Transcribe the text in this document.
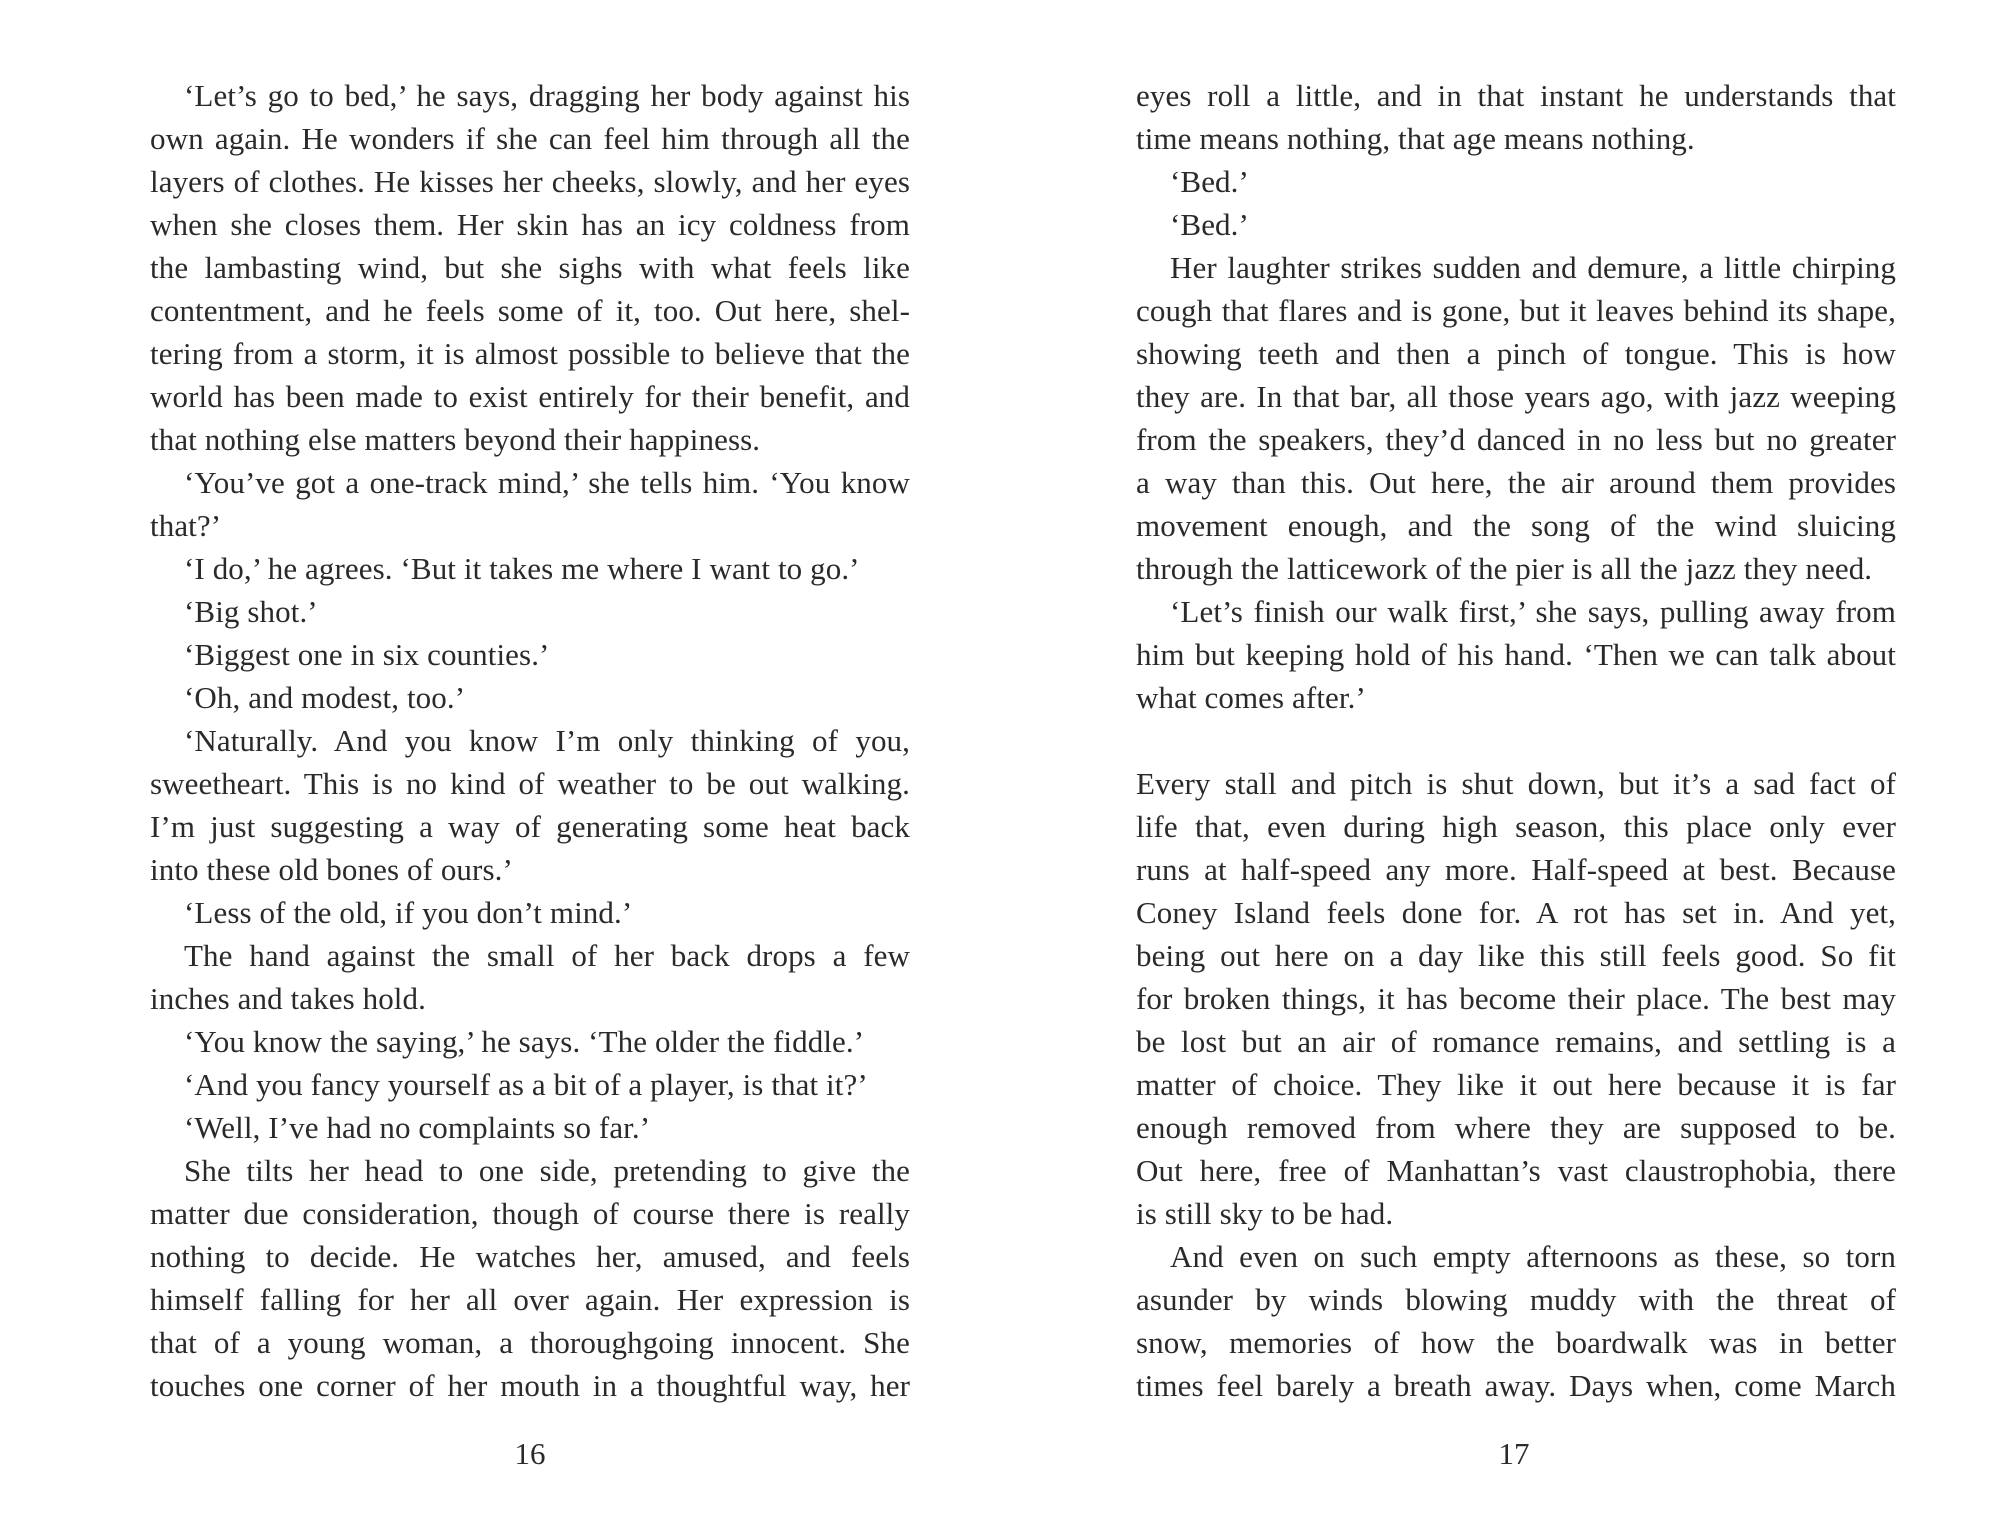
‘Let’s go to bed,’ he says, dragging her body against his
own again. He wonders if she can feel him through all the
layers of clothes. He kisses her cheeks, slowly, and her eyes
when she closes them. Her skin has an icy coldness from
the lambasting wind, but she sighs with what feels like
contentment, and he feels some of it, too. Out here, shel-
tering from a storm, it is almost possible to believe that the
world has been made to exist entirely for their benefit, and
that nothing else matters beyond their happiness.
‘You’ve got a one-track mind,’ she tells him. ‘You know
that?’
‘I do,’ he agrees. ‘But it takes me where I want to go.’
‘Big shot.’
‘Biggest one in six counties.’
‘Oh, and modest, too.’
‘Naturally. And you know I’m only thinking of you,
sweetheart. This is no kind of weather to be out walking.
I’m just suggesting a way of generating some heat back
into these old bones of ours.’
‘Less of the old, if you don’t mind.’
The hand against the small of her back drops a few
inches and takes hold.
‘You know the saying,’ he says. ‘The older the fiddle.’
‘And you fancy yourself as a bit of a player, is that it?’
‘Well, I’ve had no complaints so far.’
She tilts her head to one side, pretending to give the
matter due consideration, though of course there is really
nothing to decide. He watches her, amused, and feels
himself falling for her all over again. Her expression is
that of a young woman, a thoroughgoing innocent. She
touches one corner of her mouth in a thoughtful way, her
16
eyes roll a little, and in that instant he understands that
time means nothing, that age means nothing.
‘Bed.’
‘Bed.’
Her laughter strikes sudden and demure, a little chirping
cough that flares and is gone, but it leaves behind its shape,
showing teeth and then a pinch of tongue. This is how
they are. In that bar, all those years ago, with jazz weeping
from the speakers, they’d danced in no less but no greater
a way than this. Out here, the air around them provides
movement enough, and the song of the wind sluicing
through the latticework of the pier is all the jazz they need.
‘Let’s finish our walk first,’ she says, pulling away from
him but keeping hold of his hand. ‘Then we can talk about
what comes after.’
Every stall and pitch is shut down, but it’s a sad fact of
life that, even during high season, this place only ever
runs at half-speed any more. Half-speed at best. Because
Coney Island feels done for. A rot has set in. And yet,
being out here on a day like this still feels good. So fit
for broken things, it has become their place. The best may
be lost but an air of romance remains, and settling is a
matter of choice. They like it out here because it is far
enough removed from where they are supposed to be.
Out here, free of Manhattan’s vast claustrophobia, there
is still sky to be had.
And even on such empty afternoons as these, so torn
asunder by winds blowing muddy with the threat of
snow, memories of how the boardwalk was in better
times feel barely a breath away. Days when, come March
17
